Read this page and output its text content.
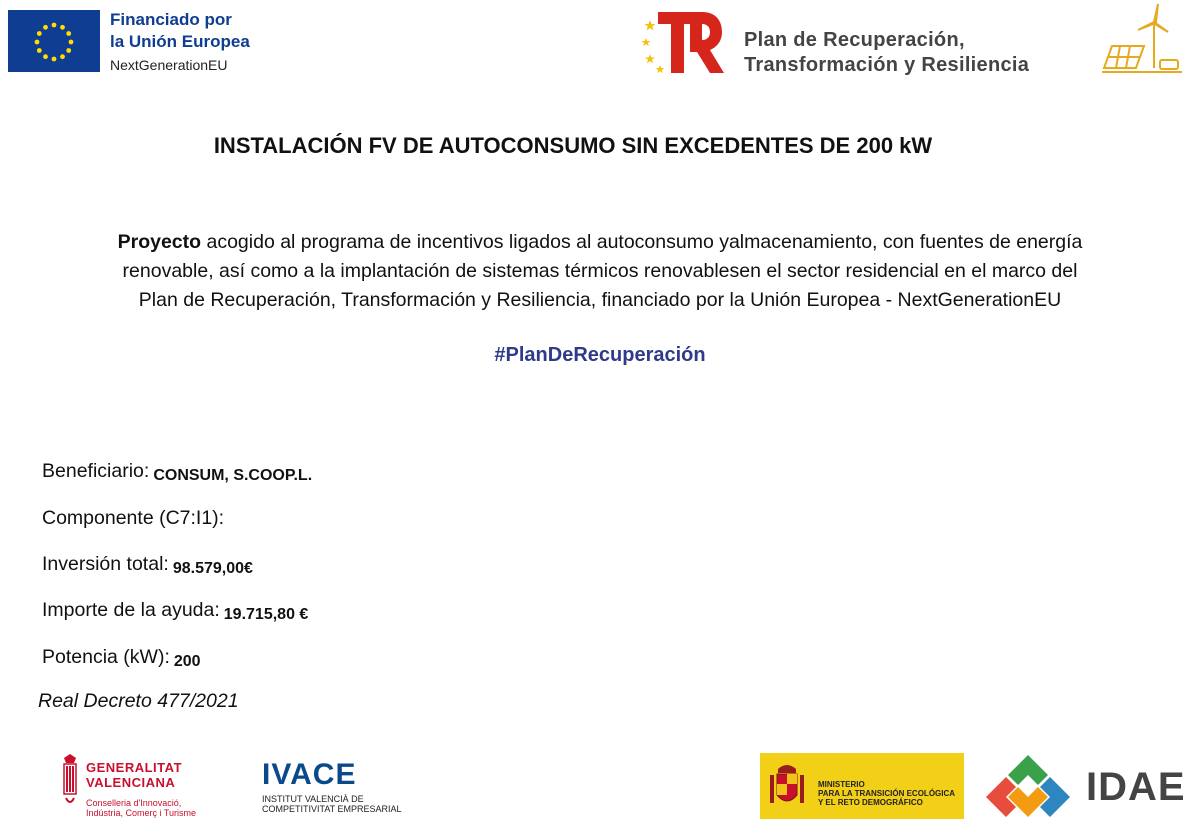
Financiado por
la Unión Europea
NextGenerationEU
Plan de Recuperación,
Transformación y Resiliencia
INSTALACIÓN FV DE AUTOCONSUMO SIN EXCEDENTES DE 200 kW
Proyecto acogido al programa de incentivos ligados al autoconsumo yalmacenamiento, con fuentes de energía
renovable, así como a la implantación de sistemas térmicos renovablesen el sector residencial en el marco del
Plan de Recuperación, Transformación y Resiliencia, financiado por la Unión Europea - NextGenerationEU
#PlanDeRecuperación
Beneficiario: CONSUM, S.COOP.L.
Componente (C7:I1):
Inversión total: 98.579,00€
Importe de la ayuda: 19.715,80 €
Potencia (kW): 200
Real Decreto 477/2021
GENERALITAT
VALENCIANA
Conselleria d'Innovació,
Indústria, Comerç i Turisme
IVACE
INSTITUT VALENCIÀ DE
COMPETITIVITAT EMPRESARIAL
MINISTERIO
PARA LA TRANSICIÓN ECOLÓGICA
Y EL RETO DEMOGRÁFICO	IDAE
